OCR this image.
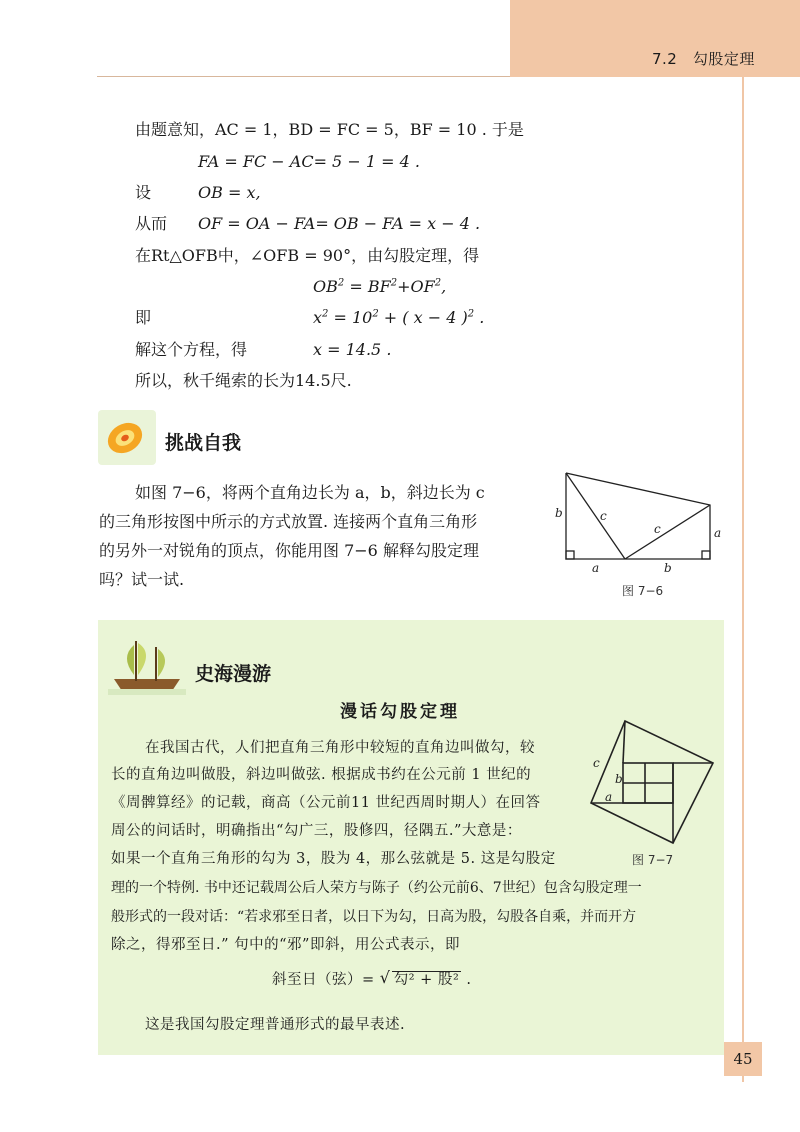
7.2　勾股定理
由题意知，AC = 1，BD = FC = 5，BF = 10 . 于是
FA = FC − AC= 5 − 1 = 4 .
设	OB = x,
从而 OF = OA − FA= OB − FA = x − 4 .
在Rt△OFB中，∠OFB = 90°，由勾股定理，得
$OB^2 = BF^2+OF^2$,
即	$x^2 = 10^2$ + ( x − 4 )$^2$ .
解这个方程，得	x = 14.5 .
所以，秋千绳索的长为14.5尺.
挑战自我
如图 7−6，将两个直角边长为 a，b，斜边长为 c
的三角形按图中所示的方式放置. 连接两个直角三角形
的另外一对锐角的顶点，你能用图 7−6 解释勾股定理
吗？试一试.
b	c
c	a
a	b
图 7−6
史海漫游
漫话勾股定理
在我国古代，人们把直角三角形中较短的直角边叫做勾，较
长的直角边叫做股，斜边叫做弦. 根据成书约在公元前 1 世纪的
《周髀算经》的记载，商高（公元前11 世纪西周时期人）在回答
周公的问话时，明确指出“勾广三，股修四，径隅五.”大意是：
如果一个直角三角形的勾为 3，股为 4，那么弦就是 5. 这是勾股定
理的一个特例. 书中还记载周公后人荣方与陈子（约公元前6、7世纪）包含勾股定理一
般形式的一段对话：“若求邪至日者，以日下为勾，日高为股，勾股各自乘，并而开方
除之，得邪至日.” 句中的“邪”即斜，用公式表示，即
斜至日（弦）= √ 勾² + 股² .
这是我国勾股定理普通形式的最早表述.
c
b
a
图 7−7
45
